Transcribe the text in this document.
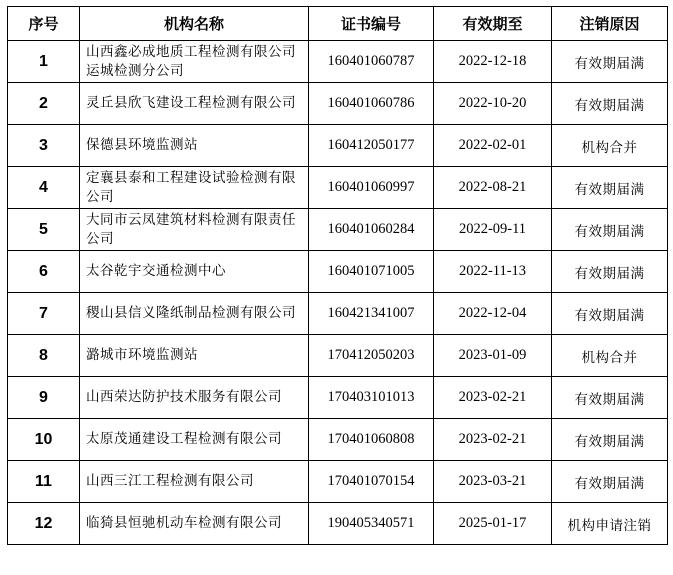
序号	机构名称	证书编号	有效期至	注销原因
1	山西鑫必成地质工程检测有限公司运城检测分公司	160401060787	2022-12-18	有效期届满
2	灵丘县欣飞建设工程检测有限公司	160401060786	2022-10-20	有效期届满
3	保德县环境监测站	160412050177	2022-02-01	机构合并
4	定襄县泰和工程建设试验检测有限公司	160401060997	2022-08-21	有效期届满
5	大同市云凤建筑材料检测有限责任公司	160401060284	2022-09-11	有效期届满
6	太谷乾宇交通检测中心	160401071005	2022-11-13	有效期届满
7	稷山县信义隆纸制品检测有限公司	160421341007	2022-12-04	有效期届满
8	潞城市环境监测站	170412050203	2023-01-09	机构合并
9	山西荣达防护技术服务有限公司	170403101013	2023-02-21	有效期届满
10	太原茂通建设工程检测有限公司	170401060808	2023-02-21	有效期届满
11	山西三江工程检测有限公司	170401070154	2023-03-21	有效期届满
12	临猗县恒驰机动车检测有限公司	190405340571	2025-01-17	机构申请注销
